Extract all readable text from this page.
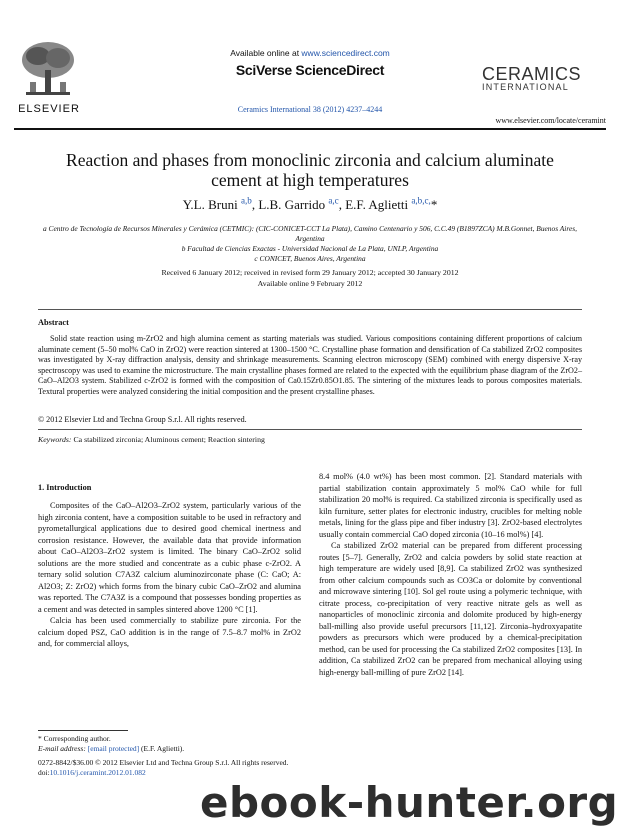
ELSEVIER
Available online at www.sciencedirect.com
SciVerse ScienceDirect
Ceramics International 38 (2012) 4237–4244
CERAMICS
INTERNATIONAL
www.elsevier.com/locate/ceramint
Reaction and phases from monoclinic zirconia and calcium aluminate cement at high temperatures
Y.L. Bruni $^{a,b}$, L.B. Garrido $^{a,c}$, E.F. Aglietti $^{a,b,c,}$*
a Centro de Tecnología de Recursos Minerales y Cerámica (CETMIC): (CIC-CONICET-CCT La Plata), Camino Centenario y 506, C.C.49 (B1897ZCA) M.B.Gonnet, Buenos Aires, Argentina
b Facultad de Ciencias Exactas - Universidad Nacional de La Plata, UNLP, Argentina
c CONICET, Buenos Aires, Argentina
Received 6 January 2012; received in revised form 29 January 2012; accepted 30 January 2012
Available online 9 February 2012
Abstract
Solid state reaction using m-ZrO2 and high alumina cement as starting materials was studied. Various compositions containing different proportions of calcium aluminate cement (5–50 mol% CaO in ZrO2) were reaction sintered at 1300–1500 °C. Crystalline phase formation and densification of Ca stabilized ZrO2 composites was investigated by X-ray diffraction analysis, density and shrinkage measurements. Scanning electron microscopy (SEM) combined with energy dispersive X-ray spectroscopy was used to examine the microstructure. The main crystalline phases formed are related to the expected with the equilibrium phase diagram of the ZrO2–CaO–Al2O3 system. Stabilized c-ZrO2 is formed with the composition of Ca0.15Zr0.85O1.85. The sintering of the mixtures leads to porous composites materials. Textural properties were analyzed considering the initial composition and the present crystalline phases.
© 2012 Elsevier Ltd and Techna Group S.r.l. All rights reserved.
Keywords: Ca stabilized zirconia; Aluminous cement; Reaction sintering
1. Introduction

Composites of the CaO–Al2O3–ZrO2 system, particularly various of the high zirconia content, have a composition suitable to be used in refractory and pyrometallurgical applications due to desired good chemical inertness and corrosion resistance. However, the available data that provide information about CaO–Al2O3–ZrO2 system is limited. The binary CaO–ZrO2 solid solutions are the more studied and concentrate as a cubic phase c-ZrO2. A ternary solid solution C7A3Z calcium aluminozirconate phase (C: CaO; A: Al2O3; Z: ZrO2) which forms from the binary cubic CaO–ZrO2 and alumina was reported. The C7A3Z is a compound that possesses bonding properties as a cement and was detected in samples sintered above 1200 °C [1].

Calcia has been used commercially to stabilize pure zirconia. For the calcium doped PSZ, CaO addition is in the range of 7.5–8.7 mol% in ZrO2 and, for commercial alloys,

8.4 mol% (4.0 wt%) has been most common. [2]. Standard materials with partial stabilization contain approximately 5 mol% CaO while for full stabilization 20 mol% is required. Ca stabilized zirconia is specifically used as kiln furniture, setter plates for electronic industry, crucibles for melting noble metals, lining for the glass pipe and fiber industry [3]. ZrO2-based electrolytes usually contain commercial CaO doped zirconia (10–16 mol%) [4].

Ca stabilized ZrO2 material can be prepared from different processing routes [5–7]. Generally, ZrO2 and calcia powders by solid state reaction at high temperature are widely used [8,9]. Ca stabilized ZrO2 was synthesized from other calcium compounds such as CO3Ca or dolomite by conventional and microwave sintering [10]. Sol gel route using a polymeric technique, with citrate process, co-precipitation of very reactive nitrate gels as well as nanoparticles of monoclinic zirconia and dolomite produced by high-energy ball-milling also provide useful precursors [11,12]. Zirconia–hydroxyapatite powders as precursors which were produced by a chemical-precipitation method, can be used for processing the Ca stabilized ZrO2 composites [13]. In addition, Ca stabilized ZrO2 can be prepared from mechanical alloying using high-energy ball-milling of pure ZrO2 [14].

* Corresponding author.
E-mail address: [email protected] (E.F. Aglietti).
0272-8842/$36.00 © 2012 Elsevier Ltd and Techna Group S.r.l. All rights reserved.
doi:10.1016/j.ceramint.2012.01.082
ebook-hunter.org
